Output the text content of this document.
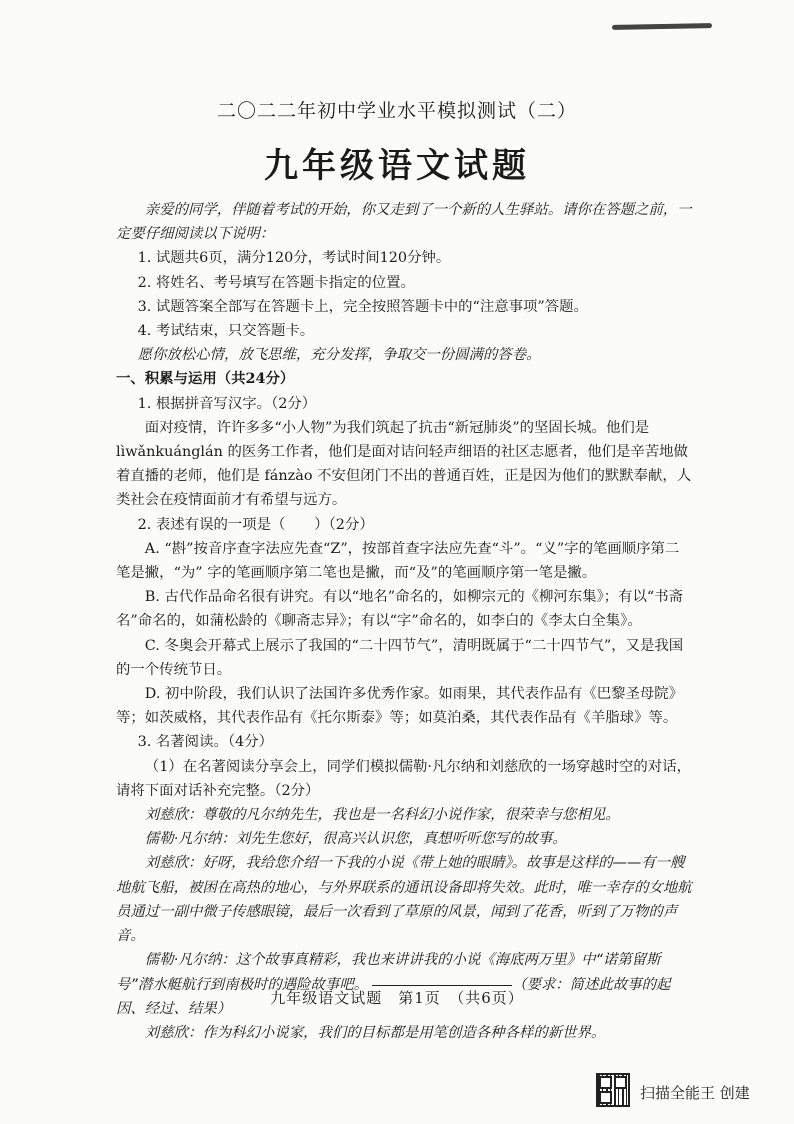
二〇二二年初中学业水平模拟测试（二）
九年级语文试题

亲爱的同学，伴随着考试的开始，你又走到了一个新的人生驿站。请你在答题之前，一定要仔细阅读以下说明：

1. 试题共6页，满分120分，考试时间120分钟。

2. 将姓名、考号填写在答题卡指定的位置。

3. 试题答案全部写在答题卡上，完全按照答题卡中的“注意事项”答题。

4. 考试结束，只交答题卡。

愿你放松心情，放飞思维，充分发挥，争取交一份圆满的答卷。

一、积累与运用（共24分）

1. 根据拼音写汉字。（2分）

面对疫情，许许多多“小人物”为我们筑起了抗击“新冠肺炎”的坚固长城。他们是 lìwǎnkuánglán 的医务工作者，他们是面对诘问轻声细语的社区志愿者，他们是辛苦地做着直播的老师，他们是 fánzào 不安但闭门不出的普通百姓，正是因为他们的默默奉献，人类社会在疫情面前才有希望与远方。

2. 表述有误的一项是（　　）（2分）

A. “斟”按音序查字法应先查“Z”，按部首查字法应先查“斗”。“义”字的笔画顺序第二笔是撇，“为” 字的笔画顺序第二笔也是撇，而“及”的笔画顺序第一笔是撇。

B. 古代作品命名很有讲究。有以“地名”命名的，如柳宗元的《柳河东集》；有以“书斋名”命名的，如蒲松龄的《聊斋志异》；有以“字”命名的，如李白的《李太白全集》。

C. 冬奥会开幕式上展示了我国的“二十四节气”，清明既属于“二十四节气”，又是我国的一个传统节日。

D. 初中阶段，我们认识了法国许多优秀作家。如雨果，其代表作品有《巴黎圣母院》等；如茨威格，其代表作品有《托尔斯泰》等；如莫泊桑，其代表作品有《羊脂球》等。

3. 名著阅读。（4分）

（1）在名著阅读分享会上，同学们模拟儒勒·凡尔纳和刘慈欣的一场穿越时空的对话，请将下面对话补充完整。（2分）

刘慈欣：尊敬的凡尔纳先生，我也是一名科幻小说作家，很荣幸与您相见。

儒勒·凡尔纳：刘先生您好，很高兴认识您，真想听听您写的故事。

刘慈欣：好呀，我给您介绍一下我的小说《带上她的眼睛》。故事是这样的——有一艘地航飞船，被困在高热的地心，与外界联系的通讯设备即将失效。此时，唯一幸存的女地航员通过一副中微子传感眼镜，最后一次看到了草原的风景，闻到了花香，听到了万物的声音。

儒勒·凡尔纳：这个故事真精彩，我也来讲讲我的小说《海底两万里》中“诺第留斯号”潜水艇航行到南极时的遇险故事吧。	（要求：简述此故事的起因、经过、结果）

刘慈欣：作为科幻小说家，我们的目标都是用笔创造各种各样的新世界。

九年级语文试题　第1页　（共6页）
扫描全能王 创建
